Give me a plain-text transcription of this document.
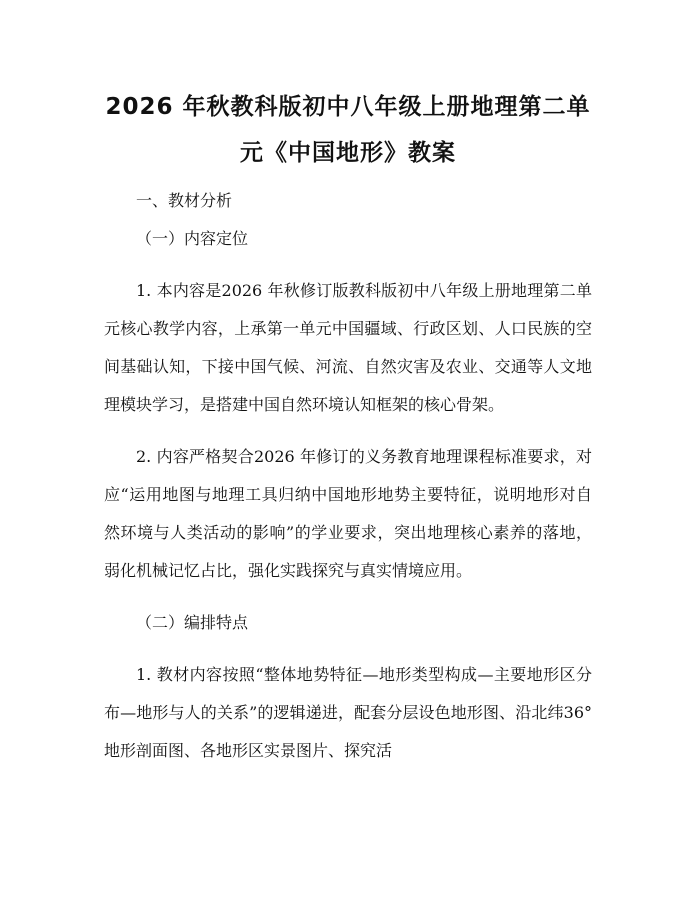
2026 年秋教科版初中八年级上册地理第二单元《中国地形》教案

一、教材分析

（一）内容定位

1. 本内容是2026 年秋修订版教科版初中八年级上册地理第二单元核心教学内容，上承第一单元中国疆域、行政区划、人口民族的空间基础认知，下接中国气候、河流、自然灾害及农业、交通等人文地理模块学习，是搭建中国自然环境认知框架的核心骨架。

2. 内容严格契合2026 年修订的义务教育地理课程标准要求，对应“运用地图与地理工具归纳中国地形地势主要特征，说明地形对自然环境与人类活动的影响”的学业要求，突出地理核心素养的落地，弱化机械记忆占比，强化实践探究与真实情境应用。

（二）编排特点

1. 教材内容按照“整体地势特征—地形类型构成—主要地形区分布—地形与人的关系”的逻辑递进，配套分层设色地形图、沿北纬36° 地形剖面图、各地形区实景图片、探究活
